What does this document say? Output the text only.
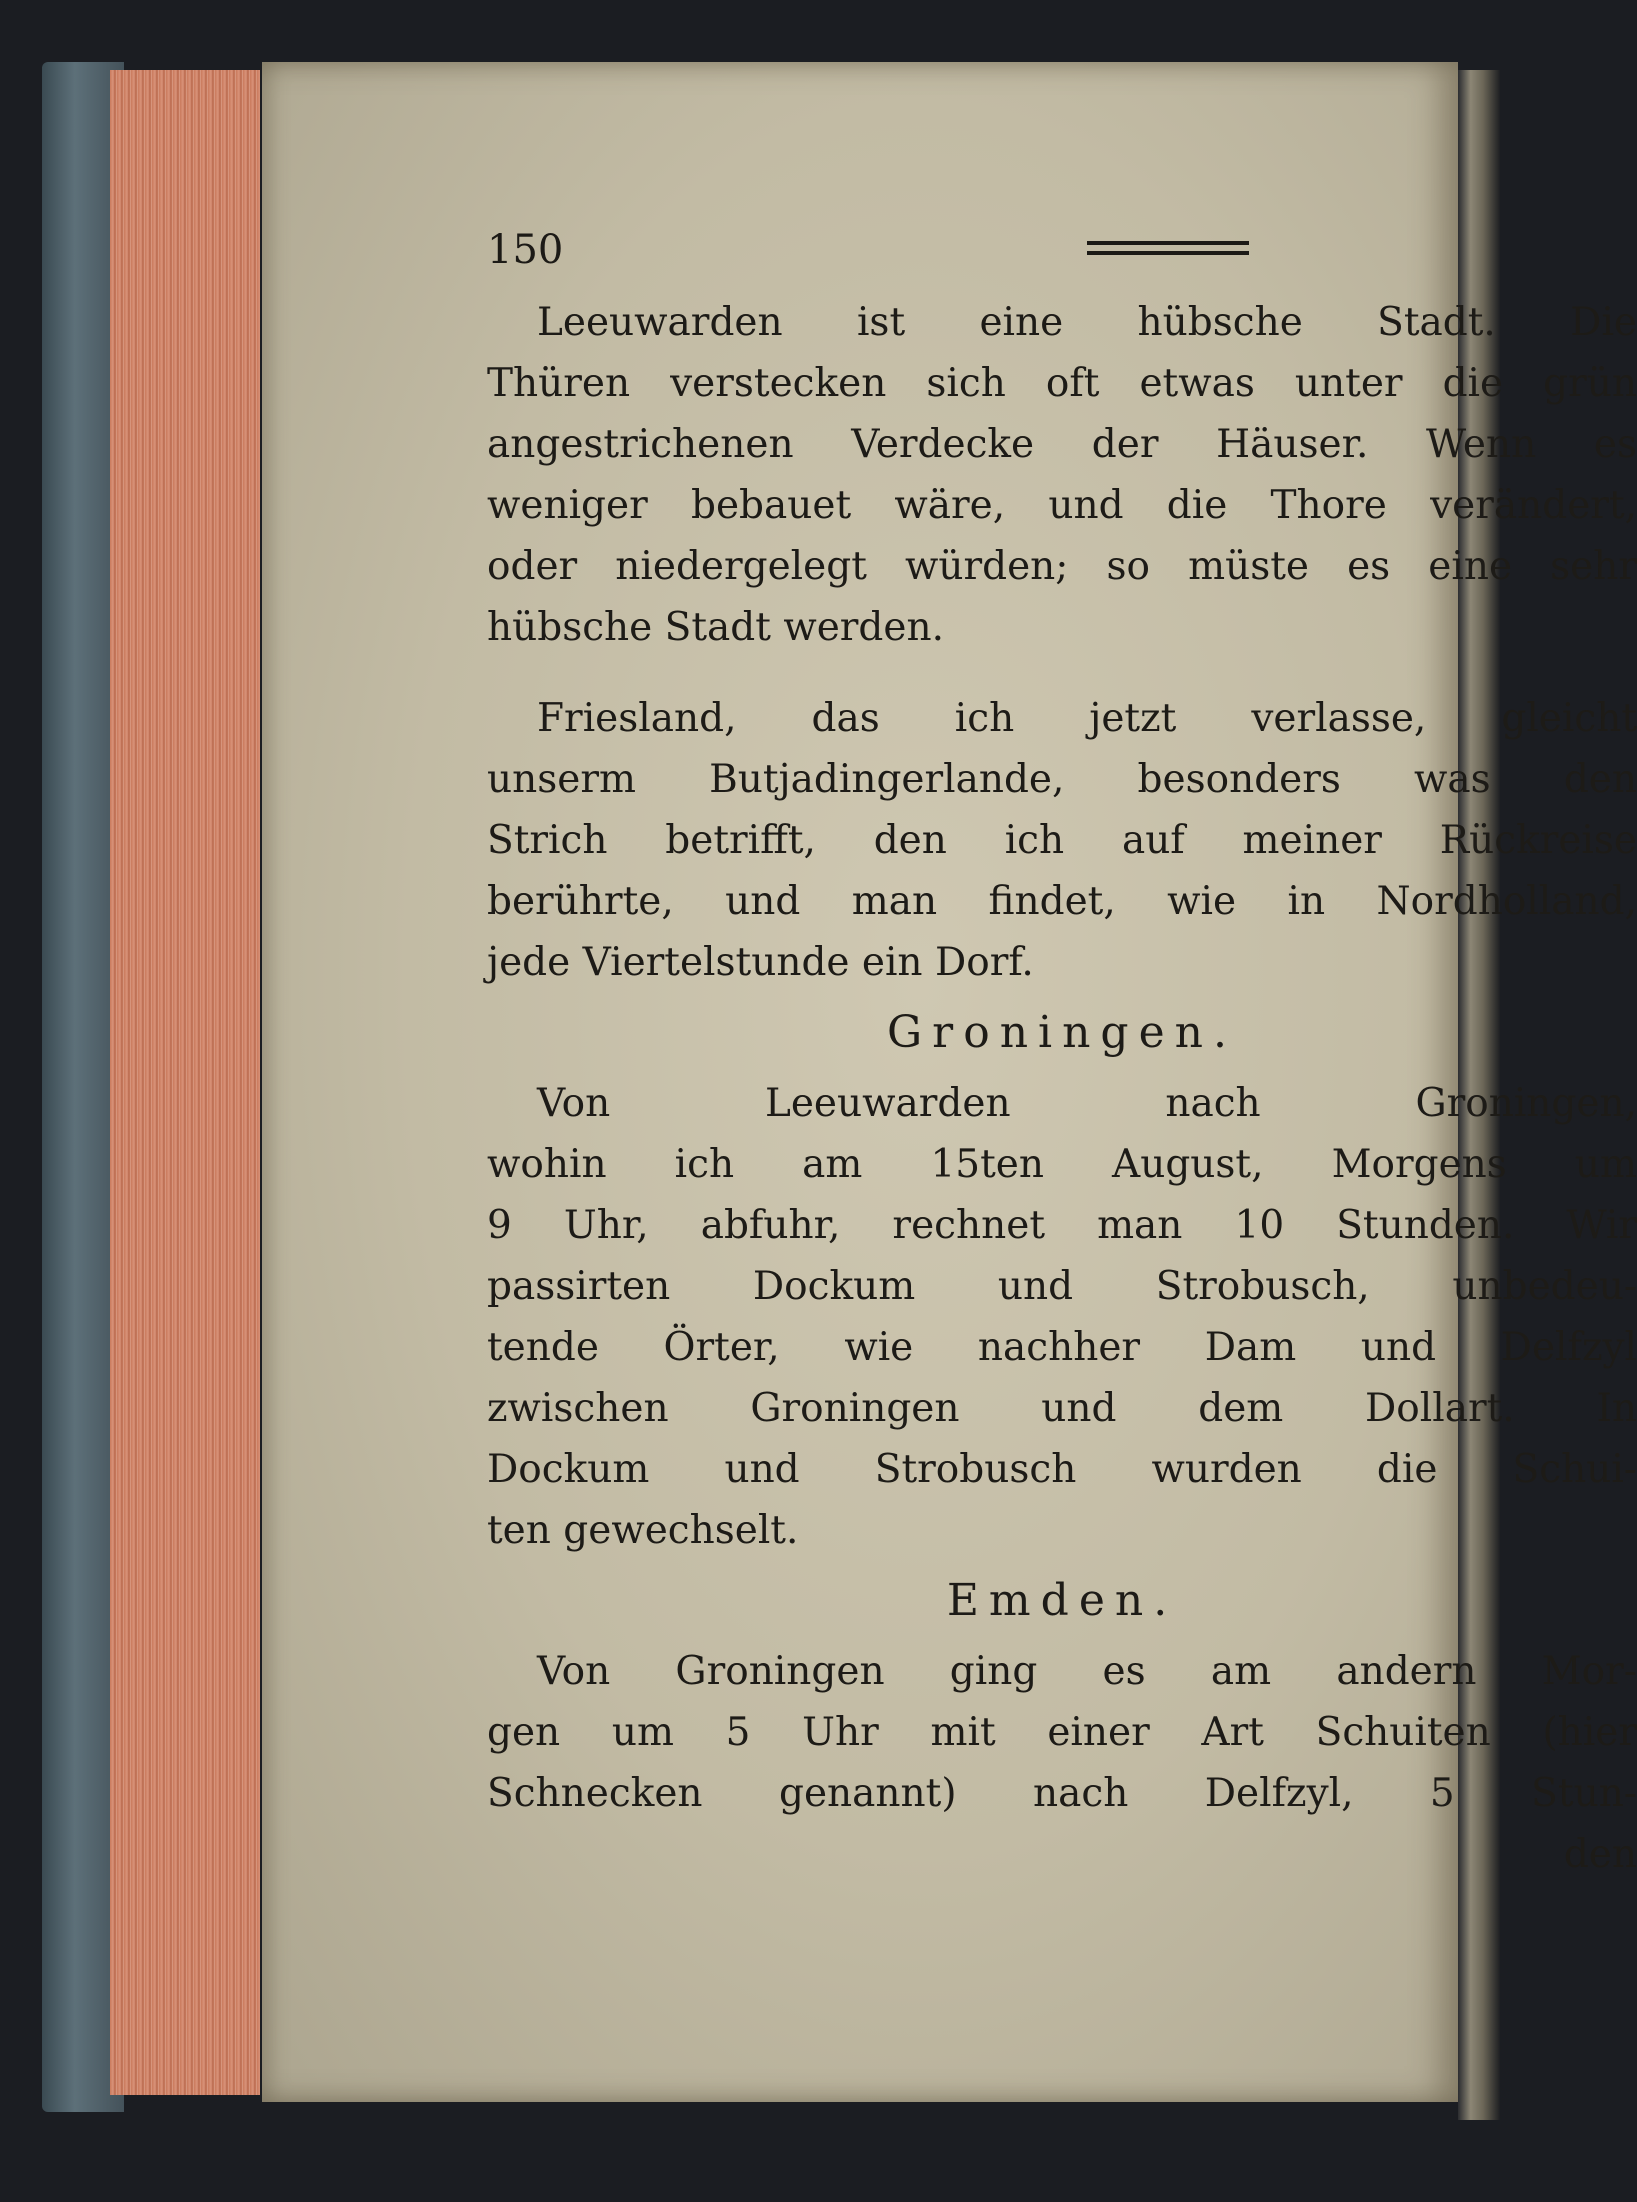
150
Leeuwarden ist eine hübsche Stadt. Die
Thüren verstecken sich oft etwas unter die grün
angestrichenen Verdecke der Häuser. Wenn es
weniger bebauet wäre, und die Thore verändert,
oder niedergelegt würden; so müste es eine sehr
hübsche Stadt werden.
Friesland, das ich jetzt verlasse, gleicht
unserm Butjadingerlande, besonders was den
Strich betrifft, den ich auf meiner Rückreise
berührte, und man findet, wie in Nordholland,
jede Viertelstunde ein Dorf.
Groningen.
Von Leeuwarden nach Groningen,
wohin ich am 15ten August, Morgens um
9 Uhr, abfuhr, rechnet man 10 Stunden. Wir
passirten Dockum und Strobusch, unbedeu-
tende Örter, wie nachher Dam und Delfzyl
zwischen Groningen und dem Dollart. In
Dockum und Strobusch wurden die Schui-
ten gewechselt.
Emden.
Von Groningen ging es am andern Mor-
gen um 5 Uhr mit einer Art Schuiten (hier
Schnecken genannt) nach Delfzyl, 5 Stun-
den
